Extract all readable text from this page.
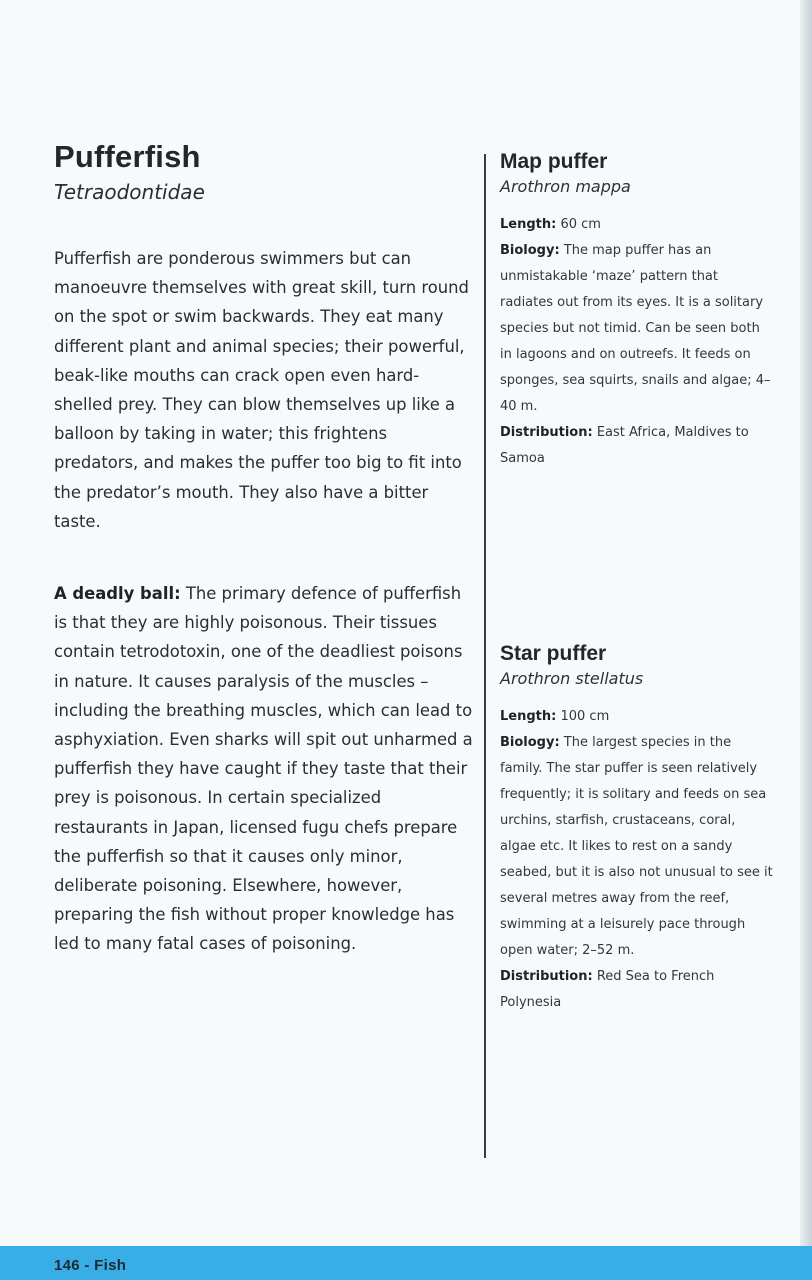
Pufferfish
Tetraodontidae

Pufferfish are ponderous swimmers but can manoeuvre themselves with great skill, turn round on the spot or swim backwards. They eat many different plant and animal species; their powerful, beak-like mouths can crack open even hard-shelled prey. They can blow themselves up like a balloon by taking in water; this frightens predators, and makes the puffer too big to fit into the predator’s mouth. They also have a bitter taste.

A deadly ball: The primary defence of pufferfish is that they are highly poisonous. Their tissues contain tetrodotoxin, one of the deadliest poisons in nature. It causes paralysis of the muscles – including the breathing muscles, which can lead to asphyxiation. Even sharks will spit out unharmed a pufferfish they have caught if they taste that their prey is poisonous. In certain specialized restaurants in Japan, licensed fugu chefs prepare the pufferfish so that it causes only minor, deliberate poisoning. Elsewhere, however, preparing the fish without proper knowledge has led to many fatal cases of poisoning.

Map puffer
Arothron mappa
Length: 60 cm
Biology: The map puffer has an unmistakable ‘maze’ pattern that radiates out from its eyes. It is a solitary species but not timid. Can be seen both in lagoons and on outreefs. It feeds on sponges, sea squirts, snails and algae; 4–40 m.
Distribution: East Africa, Maldives to Samoa
Star puffer
Arothron stellatus
Length: 100 cm
Biology: The largest species in the family. The star puffer is seen relatively frequently; it is solitary and feeds on sea urchins, starfish, crustaceans, coral, algae etc. It likes to rest on a sandy seabed, but it is also not unusual to see it several metres away from the reef, swimming at a leisurely pace through open water; 2–52 m.
Distribution: Red Sea to French Polynesia
146 - Fish
